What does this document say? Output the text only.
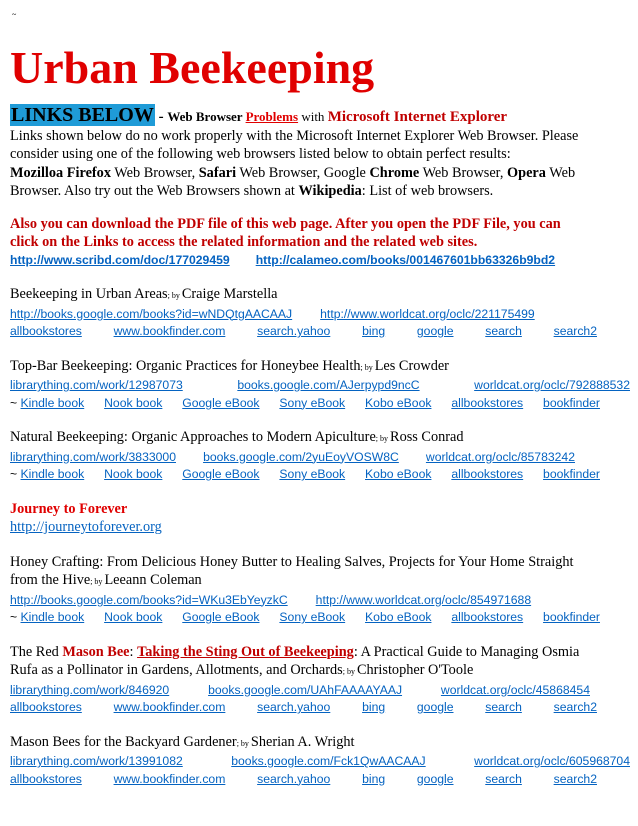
~
Urban Beekeeping
LINKS BELOW - Web Browser Problems with Microsoft Internet Explorer
Links shown below do no work properly with the Microsoft Internet Explorer Web Browser. Please
consider using one of the following web browsers listed below to obtain perfect results:
Mozilloa Firefox Web Browser, Safari Web Browser, Google Chrome Web Browser, Opera Web
Browser. Also try out the Web Browsers shown at Wikipedia: List of web browsers.
Also you can download the PDF file of this web page. After you open the PDF File, you can
click on the Links to access the related information and the related web sites.
http://www.scribd.com/doc/177029459 http://calameo.com/books/001467601bb63326b9bd2
Beekeeping in Urban Areas; by Craige Marstella
http://books.google.com/books?id=wNDQtgAACAAJ http://www.worldcat.org/oclc/221175499
allbookstores	www.bookfinder.com	search.yahoo	bing	google	search	search2
Top-Bar Beekeeping: Organic Practices for Honeybee Health; by Les Crowder
librarything.com/work/12987073	books.google.com/AJerpypd9ncC	worldcat.org/oclc/792888532
~ Kindle book Nook book Google eBook Sony eBook Kobo eBook allbookstores bookfinder
Natural Beekeeping: Organic Approaches to Modern Apiculture; by Ross Conrad
librarything.com/work/3833000 books.google.com/2yuEoyVOSW8C worldcat.org/oclc/85783242
~ Kindle book Nook book Google eBook Sony eBook Kobo eBook allbookstores bookfinder
Journey to Forever
http://journeytoforever.org
Honey Crafting: From Delicious Honey Butter to Healing Salves, Projects for Your Home Straight
from the Hive; by Leeann Coleman
http://books.google.com/books?id=WKu3EbYeyzkC http://www.worldcat.org/oclc/854971688
~ Kindle book Nook book Google eBook Sony eBook Kobo eBook allbookstores bookfinder
The Red Mason Bee: Taking the Sting Out of Beekeeping: A Practical Guide to Managing Osmia
Rufa as a Pollinator in Gardens, Allotments, and Orchards; by Christopher O'Toole
librarything.com/work/846920	books.google.com/UAhFAAAAYAAJ	worldcat.org/oclc/45868454
allbookstores	www.bookfinder.com	search.yahoo	bing	google	search	search2
Mason Bees for the Backyard Gardener; by Sherian A. Wright
librarything.com/work/13991082	books.google.com/Fck1QwAACAAJ	worldcat.org/oclc/605968704
allbookstores	www.bookfinder.com	search.yahoo	bing	google	search	search2
